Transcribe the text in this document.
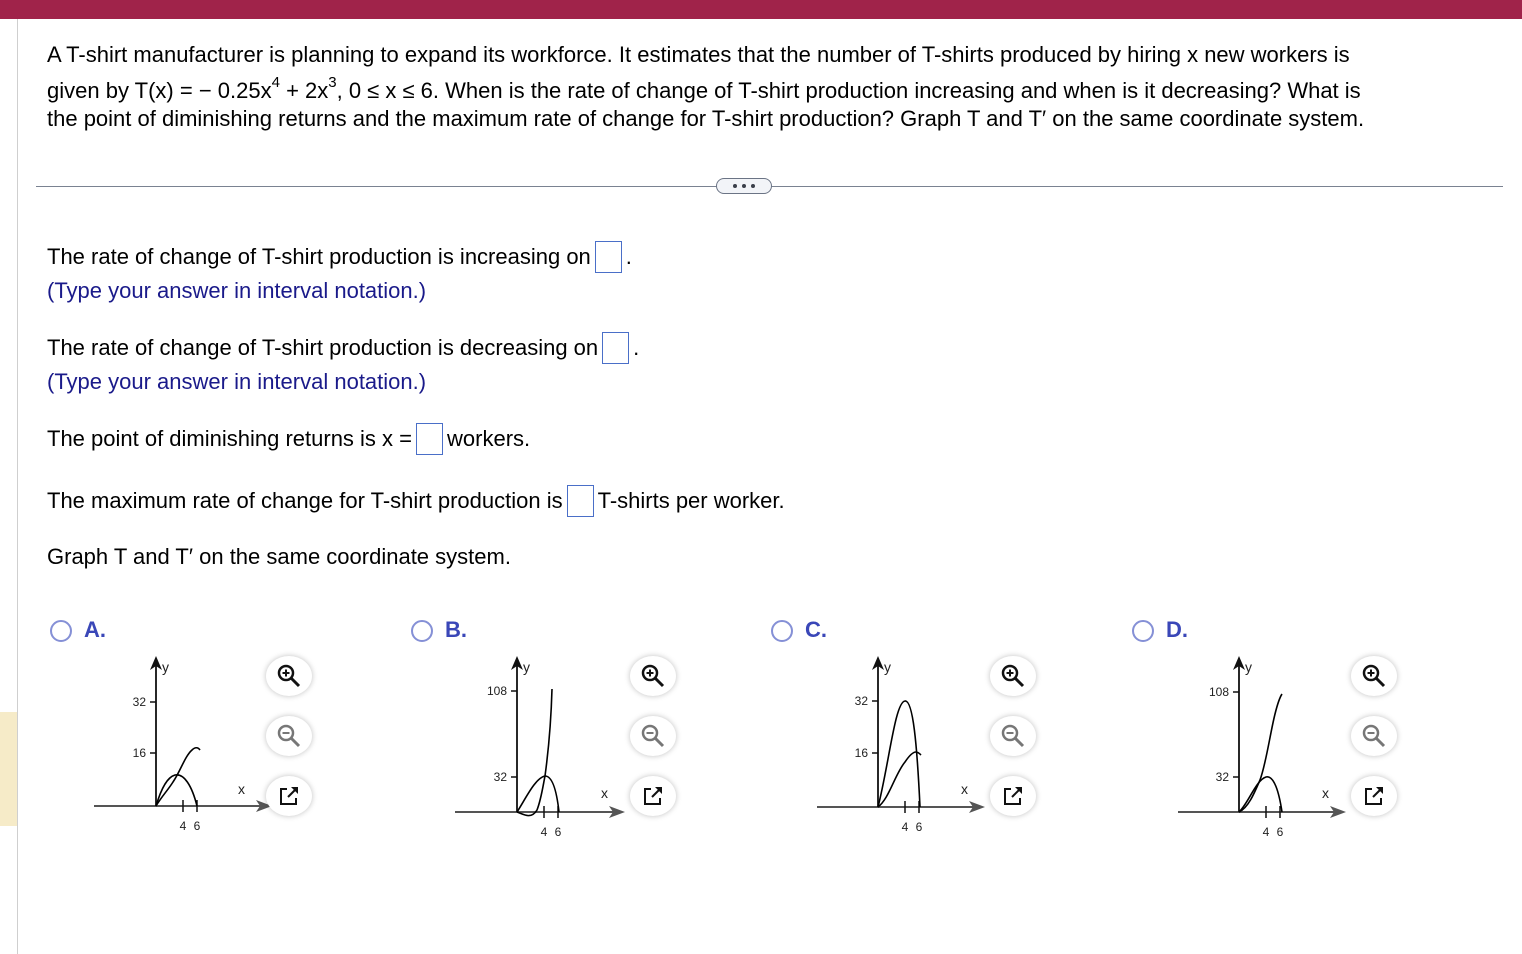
A T-shirt manufacturer is planning to expand its workforce. It estimates that the number of T-shirts produced by hiring x new workers is
given by T(x) = − $0.25x^4 + 2x^3$, 0 ≤ x ≤ 6. When is the rate of change of T-shirt production increasing and when is it decreasing? What is
the point of diminishing returns and the maximum rate of change for T-shirt production? Graph T and T′ on the same coordinate system.
The rate of change of T-shirt production is increasing on .
(Type your answer in interval notation.)
The rate of change of T-shirt production is decreasing on .
(Type your answer in interval notation.)
The point of diminishing returns is x = workers.
The maximum rate of change for T-shirt production is T-shirts per worker.
Graph T and T′ on the same coordinate system.
A.
32
16
4 6
y
x
B.
108
32
4 6
y
x
C.
32
16
4 6
y
x
D.
108
32
4 6
y
x
